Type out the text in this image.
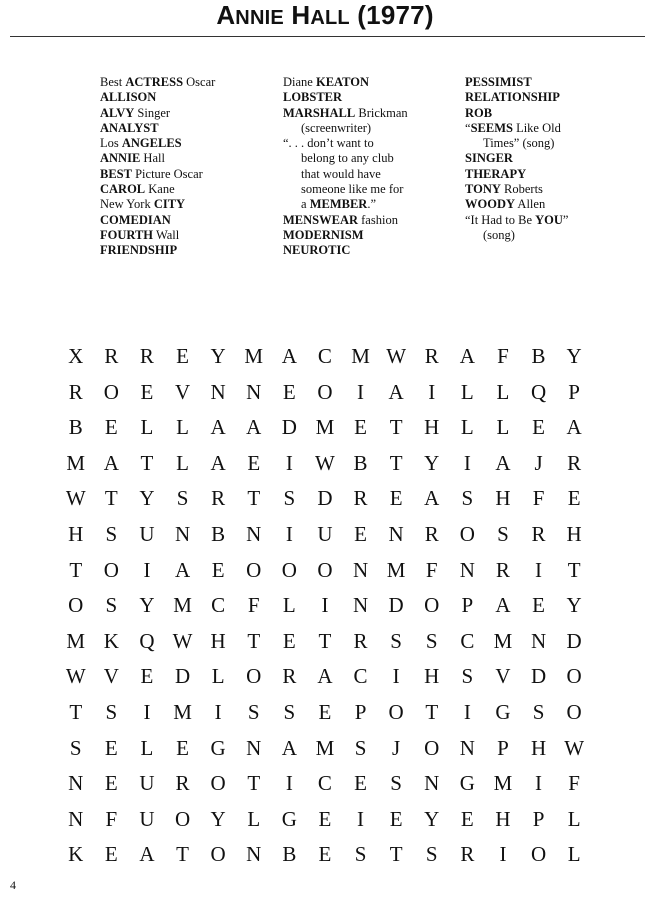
ANNIE HALL (1977)
Best ACTRESS Oscar
ALLISON
ALVY Singer
ANALYST
Los ANGELES
ANNIE Hall
BEST Picture Oscar
CAROL Kane
New York CITY
COMEDIAN
FOURTH Wall
FRIENDSHIP
Diane KEATON
LOBSTER
MARSHALL Brickman

(screenwriter)
“. . . don’t want to

belong to any club
that would have
someone like me for
a MEMBER.”
MENSWEAR fashion
MODERNISM
NEUROTIC
PESSIMIST
RELATIONSHIP
ROB
“SEEMS Like Old

Times” (song)
SINGER
THERAPY
TONY Roberts
WOODY Allen
“It Had to Be YOU”

(song)
X R	R	E	Y M A C M W R A	F	B Y
R O	E	V N N	E	O	I	A	I	L	L	Q	P
B	E	L	L	A A D M E	T	H	L	L	E	A
M A	T	L	A	E	I	W B	T	Y	I	A	J	R
W T	Y	S	R	T	S	D R	E	A	S	H	F	E
H	S	U N B N	I	U	E	N R O	S	R H
T	O	I	A	E	O O O N M F	N R	I	T
O	S	Y M C	F	L	I	N D O	P	A	E	Y
M K Q W H	T	E	T	R	S	S	C M N D
W V	E	D	L	O R A C	I	H	S	V D O
T	S	I	M	I	S	S	E	P	O	T	I	G	S	O
S	E	L	E	G N A M S	J	O N	P	H W
N	E	U R O	T	I	C	E	S	N G M	I	F
N	F	U O Y	L	G	E	I	E	Y	E	H	P	L
K	E	A	T	O N B	E	S	T	S	R	I	O	L
4
